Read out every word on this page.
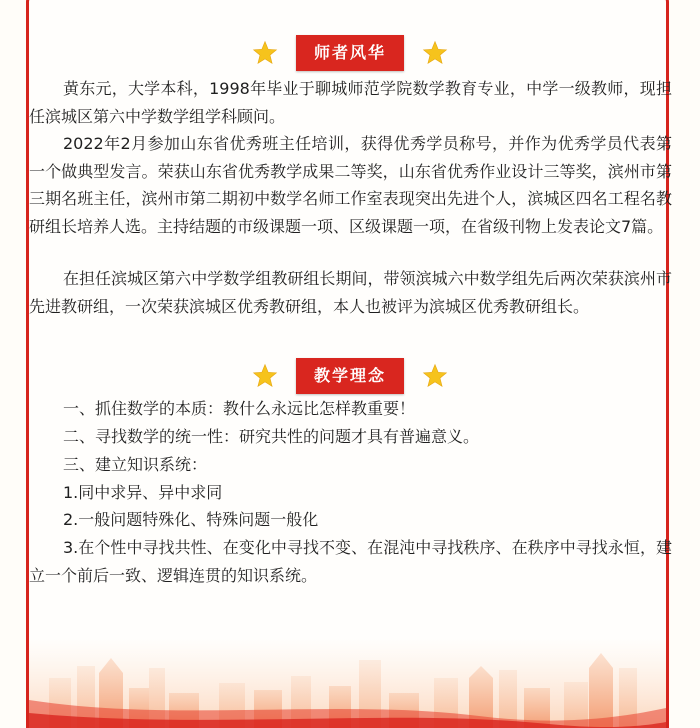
师者风华

黄东元，大学本科，1998年毕业于聊城师范学院数学教育专业，中学一级教师，现担任滨城区第六中学数学组学科顾问。

2022年2月参加山东省优秀班主任培训，获得优秀学员称号，并作为优秀学员代表第一个做典型发言。荣获山东省优秀教学成果二等奖，山东省优秀作业设计三等奖，滨州市第三期名班主任，滨州市第二期初中数学名师工作室表现突出先进个人，滨城区四名工程名教研组长培养人选。主持结题的市级课题一项、区级课题一项，在省级刊物上发表论文7篇。

在担任滨城区第六中学数学组教研组长期间，带领滨城六中数学组先后两次荣获滨州市先进教研组，一次荣获滨城区优秀教研组，本人也被评为滨城区优秀教研组长。

教学理念

一、抓住数学的本质：教什么永远比怎样教重要！

二、寻找数学的统一性：研究共性的问题才具有普遍意义。

三、建立知识系统：

1.同中求异、异中求同

2.一般问题特殊化、特殊问题一般化

3.在个性中寻找共性、在变化中寻找不变、在混沌中寻找秩序、在秩序中寻找永恒，建立一个前后一致、逻辑连贯的知识系统。
